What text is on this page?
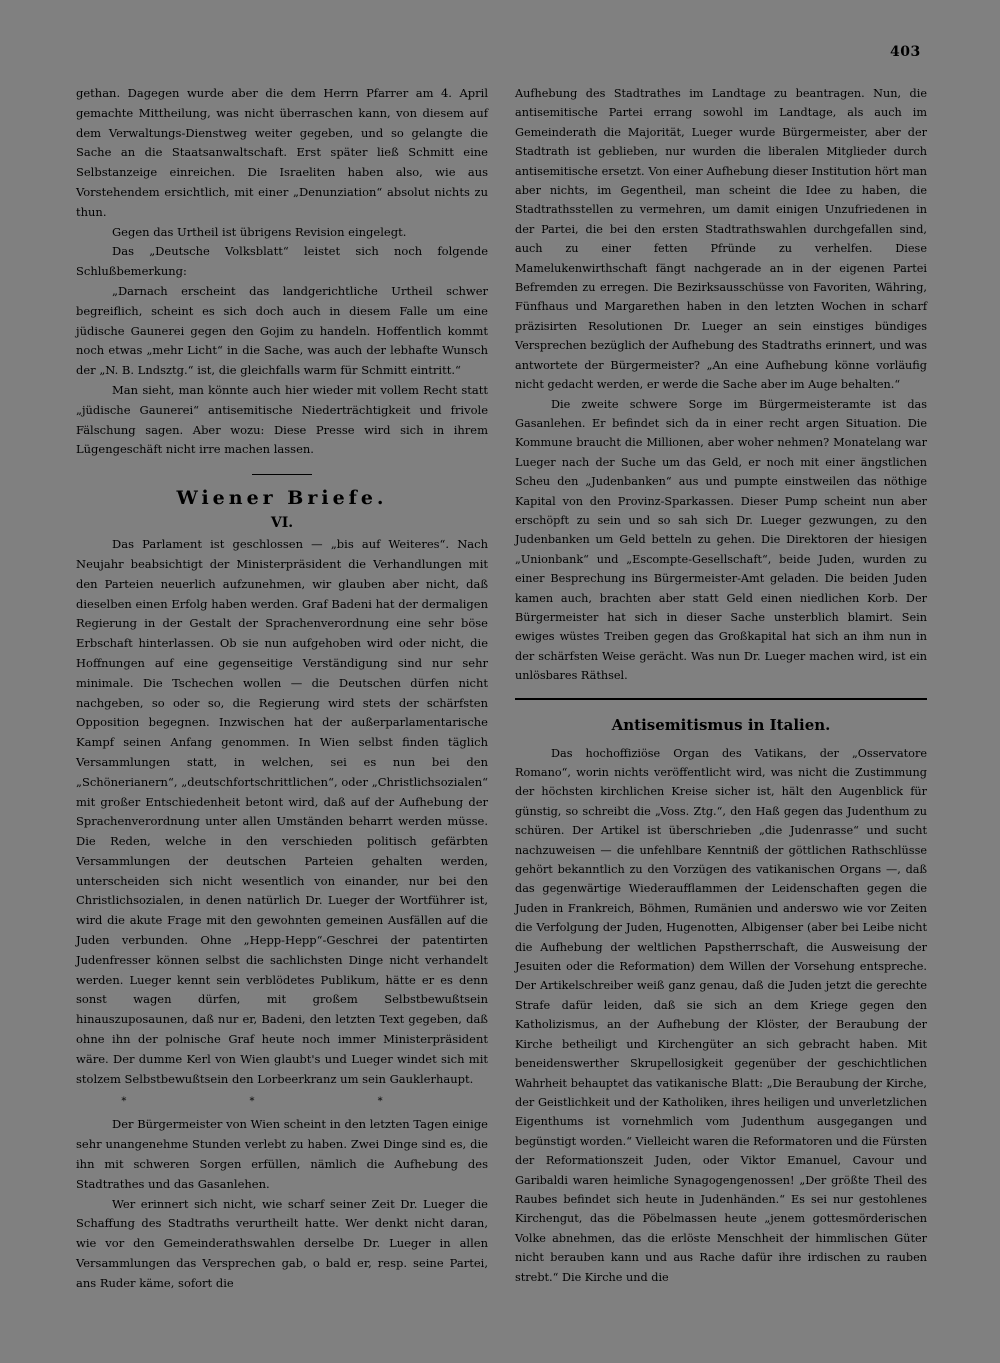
403

gethan. Dagegen wurde aber die dem Herrn Pfarrer am 4. April gemachte Mittheilung, was nicht überraschen kann, von diesem auf dem Verwaltungs-Dienstweg weiter gegeben, und so gelangte die Sache an die Staatsanwaltschaft. Erst später ließ Schmitt eine Selbstanzeige einreichen. Die Israeliten haben also, wie aus Vorstehendem ersichtlich, mit einer „Denunziation“ absolut nichts zu thun.

Gegen das Urtheil ist übrigens Revision eingelegt.

Das „Deutsche Volksblatt“ leistet sich noch folgende Schlußbemerkung:

„Darnach erscheint das landgerichtliche Urtheil schwer begreiflich, scheint es sich doch auch in diesem Falle um eine jüdische Gaunerei gegen den Gojim zu handeln. Hoffentlich kommt noch etwas „mehr Licht“ in die Sache, was auch der lebhafte Wunsch der „N. B. Lndsztg.“ ist, die gleichfalls warm für Schmitt eintritt.“

Man sieht, man könnte auch hier wieder mit vollem Recht statt „jüdische Gaunerei“ antisemitische Niederträchtigkeit und frivole Fälschung sagen. Aber wozu: Diese Presse wird sich in ihrem Lügengeschäft nicht irre machen lassen.

Wiener Briefe.
VI.

Das Parlament ist geschlossen — „bis auf Weiteres“. Nach Neujahr beabsichtigt der Ministerpräsident die Verhandlungen mit den Parteien neuerlich aufzunehmen, wir glauben aber nicht, daß dieselben einen Erfolg haben werden. Graf Badeni hat der dermaligen Regierung in der Gestalt der Sprachenverordnung eine sehr böse Erbschaft hinterlassen. Ob sie nun aufgehoben wird oder nicht, die Hoffnungen auf eine gegenseitige Verständigung sind nur sehr minimale. Die Tschechen wollen — die Deutschen dürfen nicht nachgeben, so oder so, die Regierung wird stets der schärfsten Opposition begegnen. Inzwischen hat der außerparlamentarische Kampf seinen Anfang genommen. In Wien selbst finden täglich Versammlungen statt, in welchen, sei es nun bei den „Schönerianern“, „deutschfortschrittlichen“, oder „Christlichsozialen“ mit großer Entschiedenheit betont wird, daß auf der Aufhebung der Sprachenverordnung unter allen Umständen beharrt werden müsse. Die Reden, welche in den verschieden politisch gefärbten Versammlungen der deutschen Parteien gehalten werden, unterscheiden sich nicht wesentlich von einander, nur bei den Christlichsozialen, in denen natürlich Dr. Lueger der Wortführer ist, wird die akute Frage mit den gewohnten gemeinen Ausfällen auf die Juden verbunden. Ohne „Hepp-Hepp“-Geschrei der patentirten Judenfresser können selbst die sachlichsten Dinge nicht verhandelt werden. Lueger kennt sein verblödetes Publikum, hätte er es denn sonst wagen dürfen, mit großem Selbstbewußtsein hinauszuposaunen, daß nur er, Badeni, den letzten Text gegeben, daß ohne ihn der polnische Graf heute noch immer Ministerpräsident wäre. Der dumme Kerl von Wien glaubt's und Lueger windet sich mit stolzem Selbstbewußtsein den Lorbeerkranz um sein Gauklerhaupt.

* * *

Der Bürgermeister von Wien scheint in den letzten Tagen einige sehr unangenehme Stunden verlebt zu haben. Zwei Dinge sind es, die ihn mit schweren Sorgen erfüllen, nämlich die Aufhebung des Stadtrathes und das Gasanlehen.

Wer erinnert sich nicht, wie scharf seiner Zeit Dr. Lueger die Schaffung des Stadtraths verurtheilt hatte. Wer denkt nicht daran, wie vor den Gemeinderathswahlen derselbe Dr. Lueger in allen Versammlungen das Versprechen gab, o bald er, resp. seine Partei, ans Ruder käme, sofort die

Aufhebung des Stadtrathes im Landtage zu beantragen. Nun, die antisemitische Partei errang sowohl im Landtage, als auch im Gemeinderath die Majorität, Lueger wurde Bürgermeister, aber der Stadtrath ist geblieben, nur wurden die liberalen Mitglieder durch antisemitische ersetzt. Von einer Aufhebung dieser Institution hört man aber nichts, im Gegentheil, man scheint die Idee zu haben, die Stadtrathsstellen zu vermehren, um damit einigen Unzufriedenen in der Partei, die bei den ersten Stadtrathswahlen durchgefallen sind, auch zu einer fetten Pfründe zu verhelfen. Diese Mamelukenwirthschaft fängt nachgerade an in der eigenen Partei Befremden zu erregen. Die Bezirksausschüsse von Favoriten, Währing, Fünfhaus und Margarethen haben in den letzten Wochen in scharf präzisirten Resolutionen Dr. Lueger an sein einstiges bündiges Versprechen bezüglich der Aufhebung des Stadtraths erinnert, und was antwortete der Bürgermeister? „An eine Aufhebung könne vorläufig nicht gedacht werden, er werde die Sache aber im Auge behalten.“

Die zweite schwere Sorge im Bürgermeisteramte ist das Gasanlehen. Er befindet sich da in einer recht argen Situation. Die Kommune braucht die Millionen, aber woher nehmen? Monatelang war Lueger nach der Suche um das Geld, er noch mit einer ängstlichen Scheu den „Judenbanken“ aus und pumpte einstweilen das nöthige Kapital von den Provinz-Sparkassen. Dieser Pump scheint nun aber erschöpft zu sein und so sah sich Dr. Lueger gezwungen, zu den Judenbanken um Geld betteln zu gehen. Die Direktoren der hiesigen „Unionbank“ und „Escompte-Gesellschaft“, beide Juden, wurden zu einer Besprechung ins Bürgermeister-Amt geladen. Die beiden Juden kamen auch, brachten aber statt Geld einen niedlichen Korb. Der Bürgermeister hat sich in dieser Sache unsterblich blamirt. Sein ewiges wüstes Treiben gegen das Großkapital hat sich an ihm nun in der schärfsten Weise gerächt. Was nun Dr. Lueger machen wird, ist ein unlösbares Räthsel.

Antisemitismus in Italien.

Das hochoffiziöse Organ des Vatikans, der „Osservatore Romano“, worin nichts veröffentlicht wird, was nicht die Zustimmung der höchsten kirchlichen Kreise sicher ist, hält den Augenblick für günstig, so schreibt die „Voss. Ztg.“, den Haß gegen das Judenthum zu schüren. Der Artikel ist überschrieben „die Judenrasse“ und sucht nachzuweisen — die unfehlbare Kenntniß der göttlichen Rathschlüsse gehört bekanntlich zu den Vorzügen des vatikanischen Organs —, daß das gegenwärtige Wiederaufflammen der Leidenschaften gegen die Juden in Frankreich, Böhmen, Rumänien und anderswo wie vor Zeiten die Verfolgung der Juden, Hugenotten, Albigenser (aber bei Leibe nicht die Aufhebung der weltlichen Papstherrschaft, die Ausweisung der Jesuiten oder die Reformation) dem Willen der Vorsehung entspreche. Der Artikelschreiber weiß ganz genau, daß die Juden jetzt die gerechte Strafe dafür leiden, daß sie sich an dem Kriege gegen den Katholizismus, an der Aufhebung der Klöster, der Beraubung der Kirche betheiligt und Kirchengüter an sich gebracht haben. Mit beneidenswerther Skrupellosigkeit gegenüber der geschichtlichen Wahrheit behauptet das vatikanische Blatt: „Die Beraubung der Kirche, der Geistlichkeit und der Katholiken, ihres heiligen und unverletzlichen Eigenthums ist vornehmlich vom Judenthum ausgegangen und begünstigt worden.“ Vielleicht waren die Reformatoren und die Fürsten der Reformationszeit Juden, oder Viktor Emanuel, Cavour und Garibaldi waren heimliche Synagogengenossen! „Der größte Theil des Raubes befindet sich heute in Judenhänden.“ Es sei nur gestohlenes Kirchengut, das die Pöbelmassen heute „jenem gottesmörderischen Volke abnehmen, das die erlöste Menschheit der himmlischen Güter nicht berauben kann und aus Rache dafür ihre irdischen zu rauben strebt.“ Die Kirche und die
